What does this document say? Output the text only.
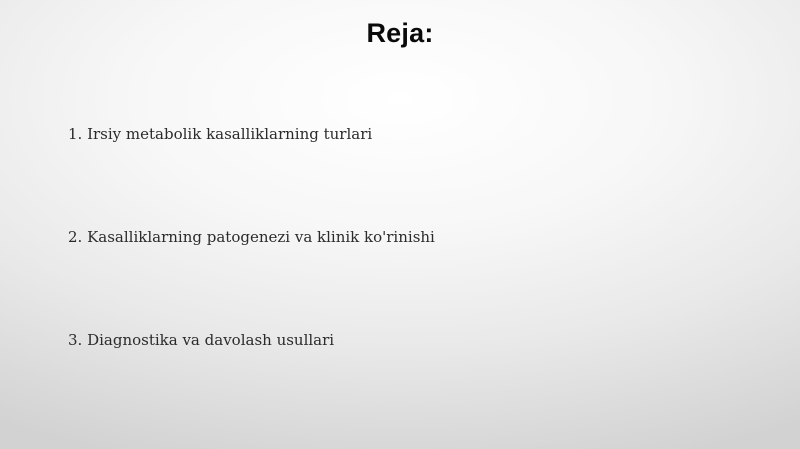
Reja:
1. Irsiy metabolik kasalliklarning turlari
2. Kasalliklarning patogenezi va klinik ko'rinishi
3. Diagnostika va davolash usullari
